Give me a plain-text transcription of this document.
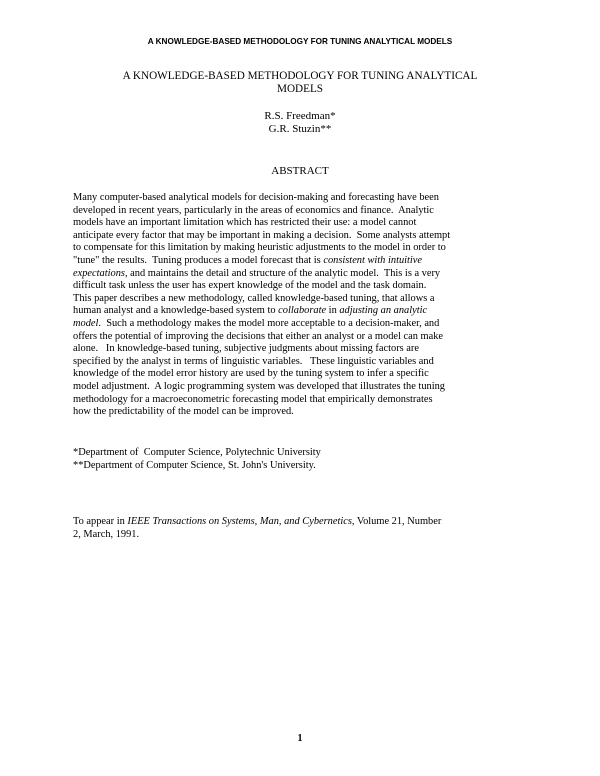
A KNOWLEDGE-BASED METHODOLOGY FOR TUNING ANALYTICAL MODELS
A KNOWLEDGE-BASED METHODOLOGY FOR TUNING ANALYTICAL
MODELS
R.S. Freedman*
G.R. Stuzin**
ABSTRACT
Many computer-based analytical models for decision-making and forecasting have been
developed in recent years, particularly in the areas of economics and finance.  Analytic
models have an important limitation which has restricted their use: a model cannot
anticipate every factor that may be important in making a decision.  Some analysts attempt
to compensate for this limitation by making heuristic adjustments to the model in order to
"tune" the results.  Tuning produces a model forecast that is consistent with intuitive
expectations, and maintains the detail and structure of the analytic model.  This is a very
difficult task unless the user has expert knowledge of the model and the task domain.
This paper describes a new methodology, called knowledge-based tuning, that allows a
human analyst and a knowledge-based system to collaborate in adjusting an analytic
model.  Such a methodology makes the model more acceptable to a decision-maker, and
offers the potential of improving the decisions that either an analyst or a model can make
alone.   In knowledge-based tuning, subjective judgments about missing factors are
specified by the analyst in terms of linguistic variables.   These linguistic variables and
knowledge of the model error history are used by the tuning system to infer a specific
model adjustment.  A logic programming system was developed that illustrates the tuning
methodology for a macroeconometric forecasting model that empirically demonstrates
how the predictability of the model can be improved.
*Department of  Computer Science, Polytechnic University
**Department of Computer Science, St. John's University.
To appear in IEEE Transactions on Systems, Man, and Cybernetics, Volume 21, Number
2, March, 1991.
1
